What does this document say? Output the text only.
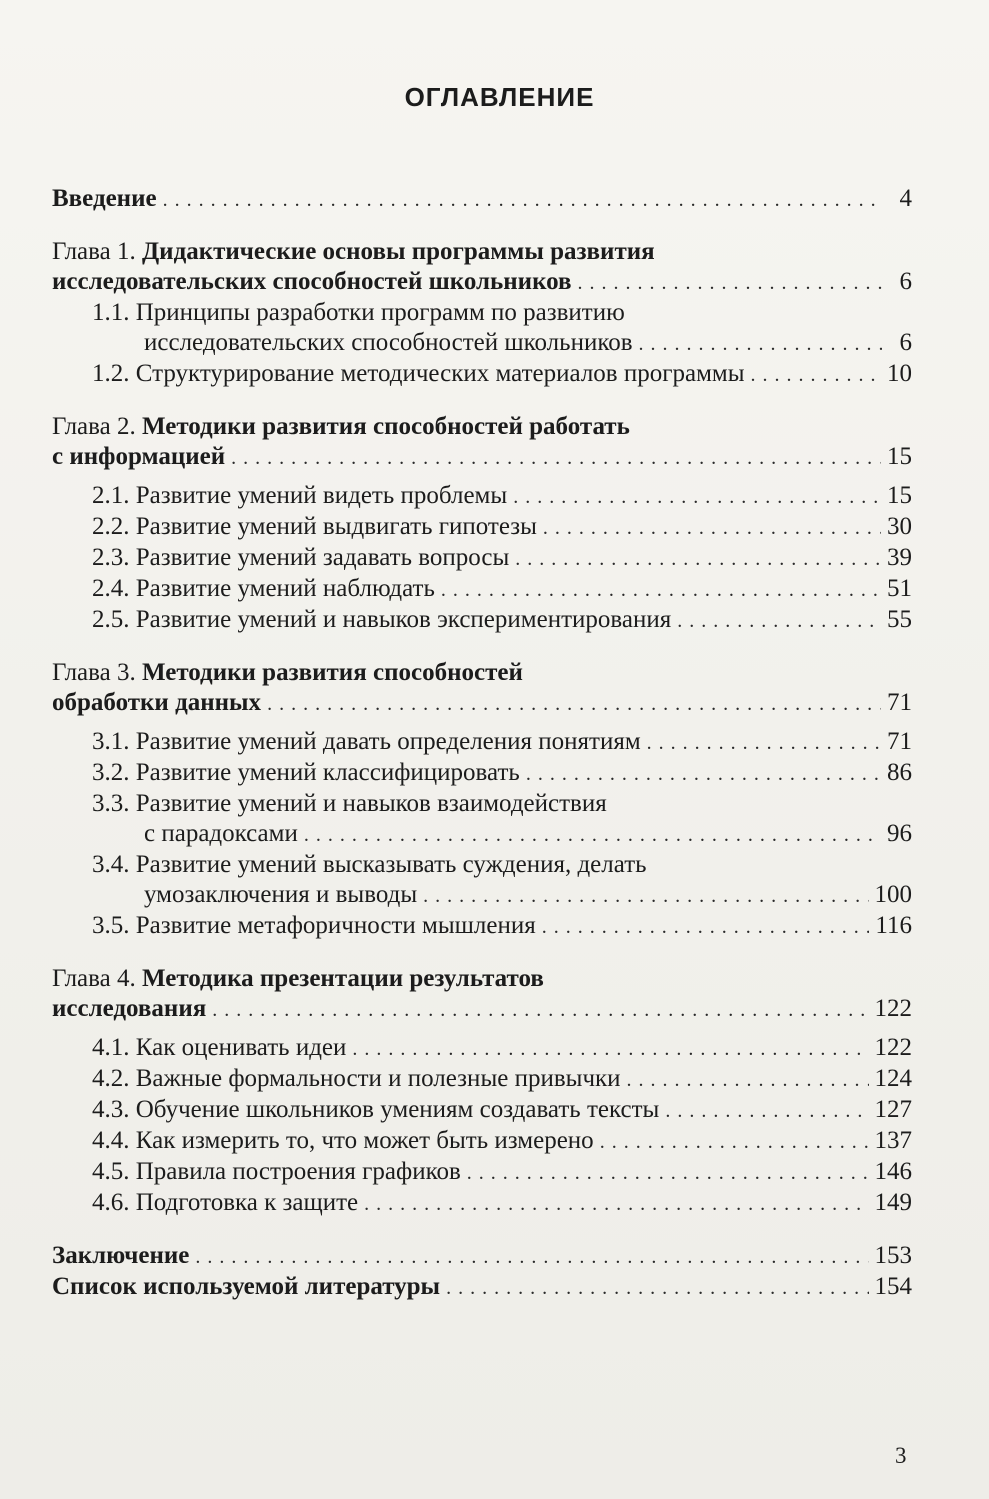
ОГЛАВЛЕНИЕ
Введение . . .	4
Глава 1.
Дидактические основы программы развития
исследовательских способностей школьников . . .	6
1.1. Принципы разработки программ по развитию
исследовательских способностей школьников . . .	6
1.2. Структурирование методических материалов программы . . .	10
Глава 2.
Методики развития способностей работать
с информацией . . .	15
2.1. Развитие умений видеть проблемы . . .	15
2.2. Развитие умений выдвигать гипотезы . . .	30
2.3. Развитие умений задавать вопросы . . .	39
2.4. Развитие умений наблюдать . . .	51
2.5. Развитие умений и навыков экспериментирования . . .	55
Глава 3.
Методики развития способностей
обработки данных . . .	71
3.1. Развитие умений давать определения понятиям . . .	71
3.2. Развитие умений классифицировать . . .	86
3.3. Развитие умений и навыков взаимодействия
с парадоксами . . .	96
3.4. Развитие умений высказывать суждения, делать
умозаключения и выводы . . .	100
3.5. Развитие метафоричности мышления . . .	116
Глава 4.
Методика презентации результатов
исследования . . .	122
4.1. Как оценивать идеи . . .	122
4.2. Важные формальности и полезные привычки . . .	124
4.3. Обучение школьников умениям создавать тексты . . .	127
4.4. Как измерить то, что может быть измерено . . .	137
4.5. Правила построения графиков . . .	146
4.6. Подготовка к защите . . .	149
Заключение . . .	153
Список используемой литературы . . .	154
3
